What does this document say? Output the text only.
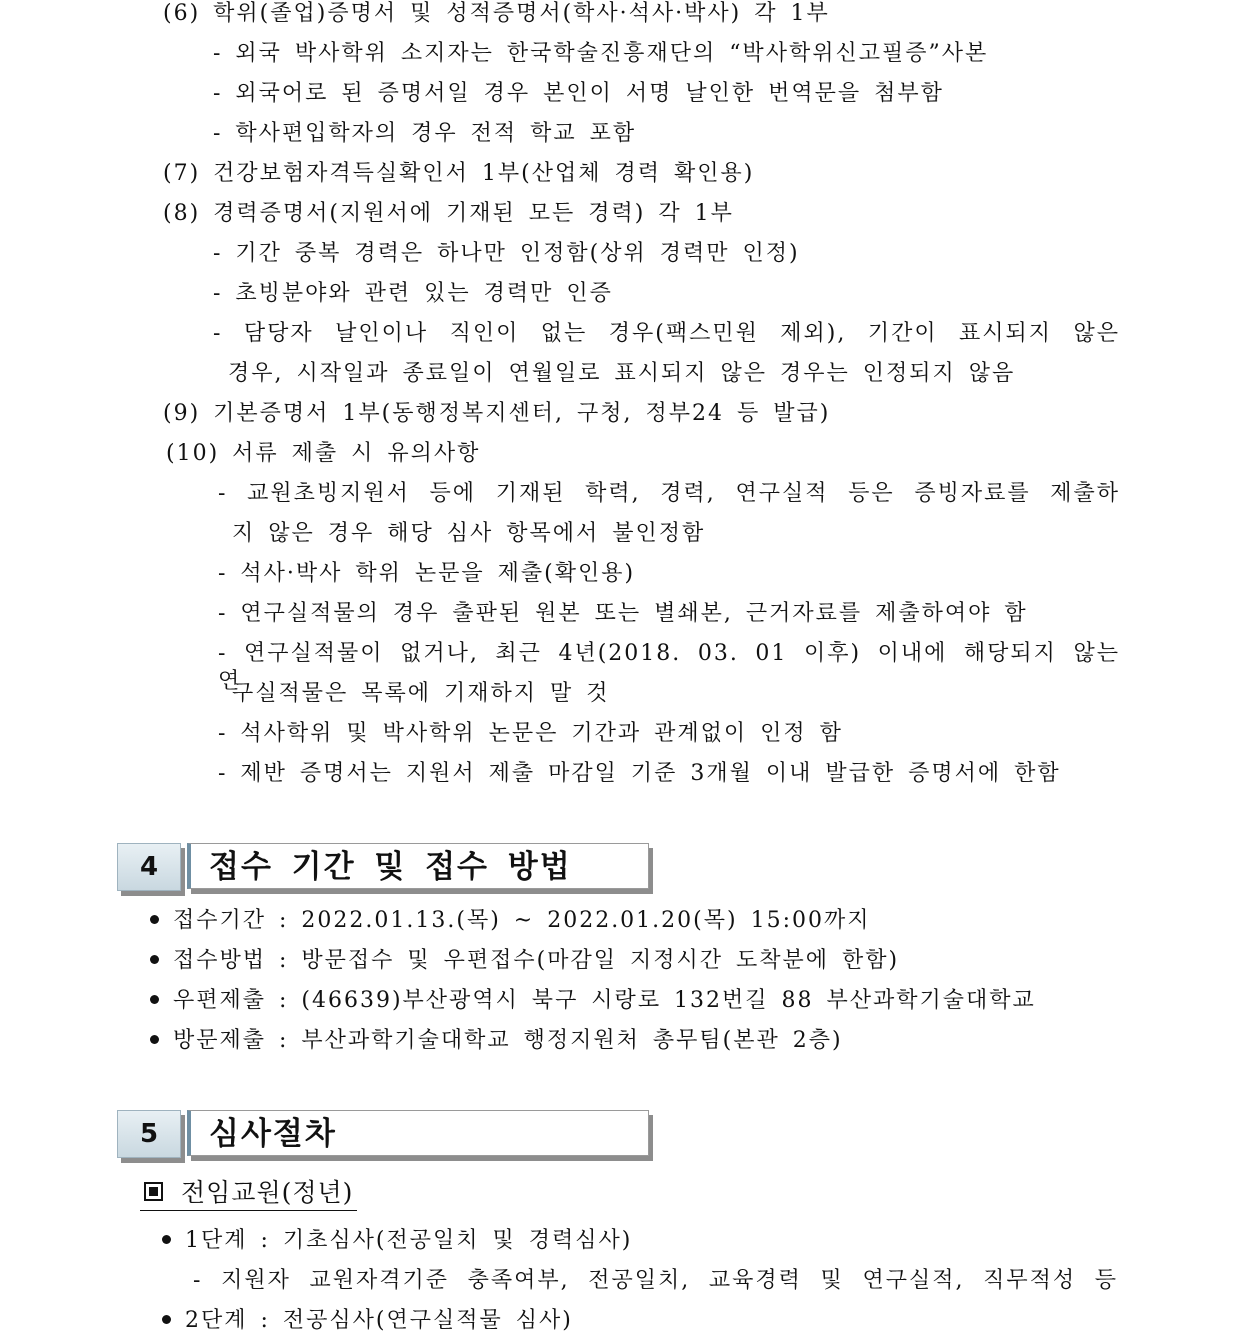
(6) 학위(졸업)증명서 및 성적증명서(학사·석사·박사) 각 1부
- 외국 박사학위 소지자는 한국학술진흥재단의 “박사학위신고필증”사본
- 외국어로 된 증명서일 경우 본인이 서명 날인한 번역문을 첨부함
- 학사편입학자의 경우 전적 학교 포함
(7) 건강보험자격득실확인서 1부(산업체 경력 확인용)
(8) 경력증명서(지원서에 기재된 모든 경력) 각 1부
- 기간 중복 경력은 하나만 인정함(상위 경력만 인정)
- 초빙분야와 관련 있는 경력만 인증
- 담당자 날인이나 직인이 없는 경우(팩스민원 제외), 기간이 표시되지 않은
경우, 시작일과 종료일이 연월일로 표시되지 않은 경우는 인정되지 않음
(9) 기본증명서 1부(동행정복지센터, 구청, 정부24 등 발급)
(10) 서류 제출 시 유의사항
- 교원초빙지원서 등에 기재된 학력, 경력, 연구실적 등은 증빙자료를 제출하
지 않은 경우 해당 심사 항목에서 불인정함
- 석사·박사 학위 논문을 제출(확인용)
- 연구실적물의 경우 출판된 원본 또는 별쇄본, 근거자료를 제출하여야 함
- 연구실적물이 없거나, 최근 4년(2018. 03. 01 이후) 이내에 해당되지 않는 연
구실적물은 목록에 기재하지 말 것
- 석사학위 및 박사학위 논문은 기간과 관계없이 인정 함
- 제반 증명서는 지원서 제출 마감일 기준 3개월 이내 발급한 증명서에 한함
4	접수 기간 및 접수 방법
접수기간 : 2022.01.13.(목) ~ 2022.01.20(목) 15:00까지
접수방법 : 방문접수 및 우편접수(마감일 지정시간 도착분에 한함)
우편제출 : (46639)부산광역시 북구 시랑로 132번길 88 부산과학기술대학교
방문제출 : 부산과학기술대학교 행정지원처 총무팀(본관 2층)
5	심사절차
전임교원(정년)
1단계 : 기초심사(전공일치 및 경력심사)
- 지원자 교원자격기준 충족여부, 전공일치, 교육경력 및 연구실적, 직무적성 등
2단계 : 전공심사(연구실적물 심사)
